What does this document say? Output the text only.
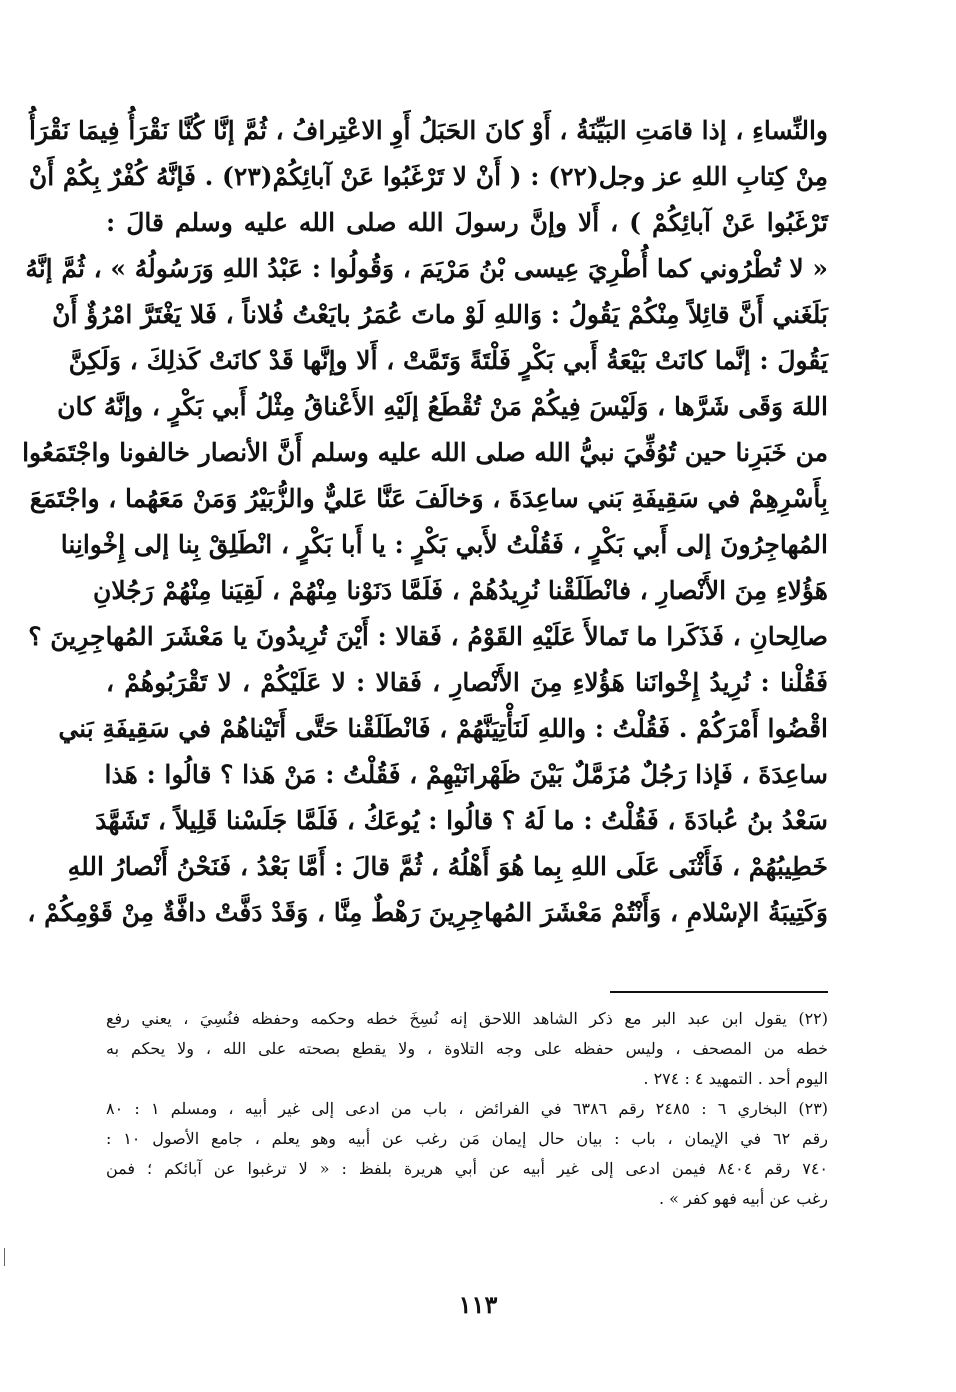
والنِّساءِ ، إذا قامَتِ البَيِّنَةُ ، أَوْ كانَ الحَبَلُ أَوِ الاعْتِرافُ ، ثُمَّ إنَّا كُنَّا نَقْرَأُ فِيمَا نَقْرَأُ
مِنْ كِتابِ اللهِ عز وجل(٢٢) : ( أَنْ لا تَرْغَبُوا عَنْ آبائِكُمْ(٢٣) . فَإنَّهُ كُفْرٌ بِكُمْ أَنْ
تَرْغَبُوا عَنْ آبائِكُمْ ) ، أَلا وإنَّ رسولَ الله صلى الله عليه وسلم قالَ :
« لا تُطْرُوني كما أُطْرِيَ عِيسى بْنُ مَرْيَمَ ، وَقُولُوا : عَبْدُ اللهِ وَرَسُولُهُ » ، ثُمَّ إنَّهُ
بَلَغَني أَنَّ قائِلاً مِنْكُمْ يَقُولُ : وَاللهِ لَوْ ماتَ عُمَرُ بايَعْتُ فُلاناً ، فَلا يَغْتَرَّ امْرُؤٌ أَنْ
يَقُولَ : إنَّما كانَتْ بَيْعَةُ أَبي بَكْرٍ فَلْتَةً وَتَمَّتْ ، أَلا وإنَّها قَدْ كانَتْ كَذلِكَ ، وَلَكِنَّ
اللهَ وَقَى شَرَّها ، وَلَيْسَ فِيكُمْ مَنْ تُقْطَعُ إلَيْهِ الأَعْناقُ مِثْلُ أَبي بَكْرٍ ، وإنَّهُ كان
من خَبَرِنا حين تُوُفِّيَ نبيُّ الله صلى الله عليه وسلم أَنَّ الأنصار خالفونا واجْتَمَعُوا
بِأَسْرِهِمْ في سَقِيفَةِ بَني ساعِدَةَ ، وَخالَفَ عَنَّا عَليٌّ والزُّبَيْرُ وَمَنْ مَعَهُما ، واجْتَمَعَ
المُهاجِرُونَ إلى أَبي بَكْرٍ ، فَقُلْتُ لأَبي بَكْرٍ : يا أَبا بَكْرٍ ، انْطَلِقْ بِنا إلى إِخْوانِنا
هَؤُلاءِ مِنَ الأَنْصارِ ، فانْطَلَقْنا نُرِيدُهُمْ ، فَلَمَّا دَنَوْنا مِنْهُمْ ، لَقِيَنا مِنْهُمْ رَجُلانِ
صالِحانِ ، فَذَكَرا ما تَمالأَ عَلَيْهِ القَوْمُ ، فَقالا : أَيْنَ تُرِيدُونَ يا مَعْشَرَ المُهاجِرِينَ ؟
فَقُلْنا : نُرِيدُ إِخْوانَنا هَؤُلاءِ مِنَ الأَنْصارِ ، فَقالا : لا عَلَيْكُمْ ، لا تَقْرَبُوهُمْ ،
اقْضُوا أَمْرَكُمْ . فَقُلْتُ : واللهِ لَنَأْتِيَنَّهُمْ ، فَانْطَلَقْنا حَتَّى أَتَيْناهُمْ في سَقِيفَةِ بَني
ساعِدَةَ ، فَإذا رَجُلٌ مُزَمَّلٌ بَيْنَ ظَهْرانَيْهِمْ ، فَقُلْتُ : مَنْ هَذا ؟ قالُوا : هَذا
سَعْدُ بنُ عُبادَةَ ، فَقُلْتُ : ما لَهُ ؟ قالُوا : يُوعَكُ ، فَلَمَّا جَلَسْنا قَلِيلاً ، تَشَهَّدَ
خَطِيبُهُمْ ، فَأَثْنَى عَلَى اللهِ بِما هُوَ أَهْلُهُ ، ثُمَّ قالَ : أَمَّا بَعْدُ ، فَنَحْنُ أَنْصارُ اللهِ
وَكَتِيبَةُ الإسْلامِ ، وَأَنْتُمْ مَعْشَرَ المُهاجِرِينَ رَهْطٌ مِنَّا ، وَقَدْ دَفَّتْ دافَّةٌ مِنْ قَوْمِكُمْ ،
(٢٢) يقول ابن عبد البر مع ذكر الشاهد اللاحق إنه نُسِخَ خطه وحكمه وحفظه فنُسِيَ ، يعني رفع
خطه من المصحف ، وليس حفظه على وجه التلاوة ، ولا يقطع بصحته على الله ، ولا يحكم به
اليوم أحد . التمهيد ٤ : ٢٧٤ .
(٢٣) البخاري ٦ : ٢٤٨٥ رقم ٦٣٨٦ في الفرائض ، باب من ادعى إلى غير أبيه ، ومسلم ١ : ٨٠
رقم ٦٢ في الإيمان ، باب : بيان حال إيمان مَن رغب عن أبيه وهو يعلم ، جامع الأصول ١٠ :
٧٤٠ رقم ٨٤٠٤ فيمن ادعى إلى غير أبيه عن أبي هريرة بلفظ : « لا ترغبوا عن آبائكم ؛ فمن
رغب عن أبيه فهو كفر » .
١١٣
